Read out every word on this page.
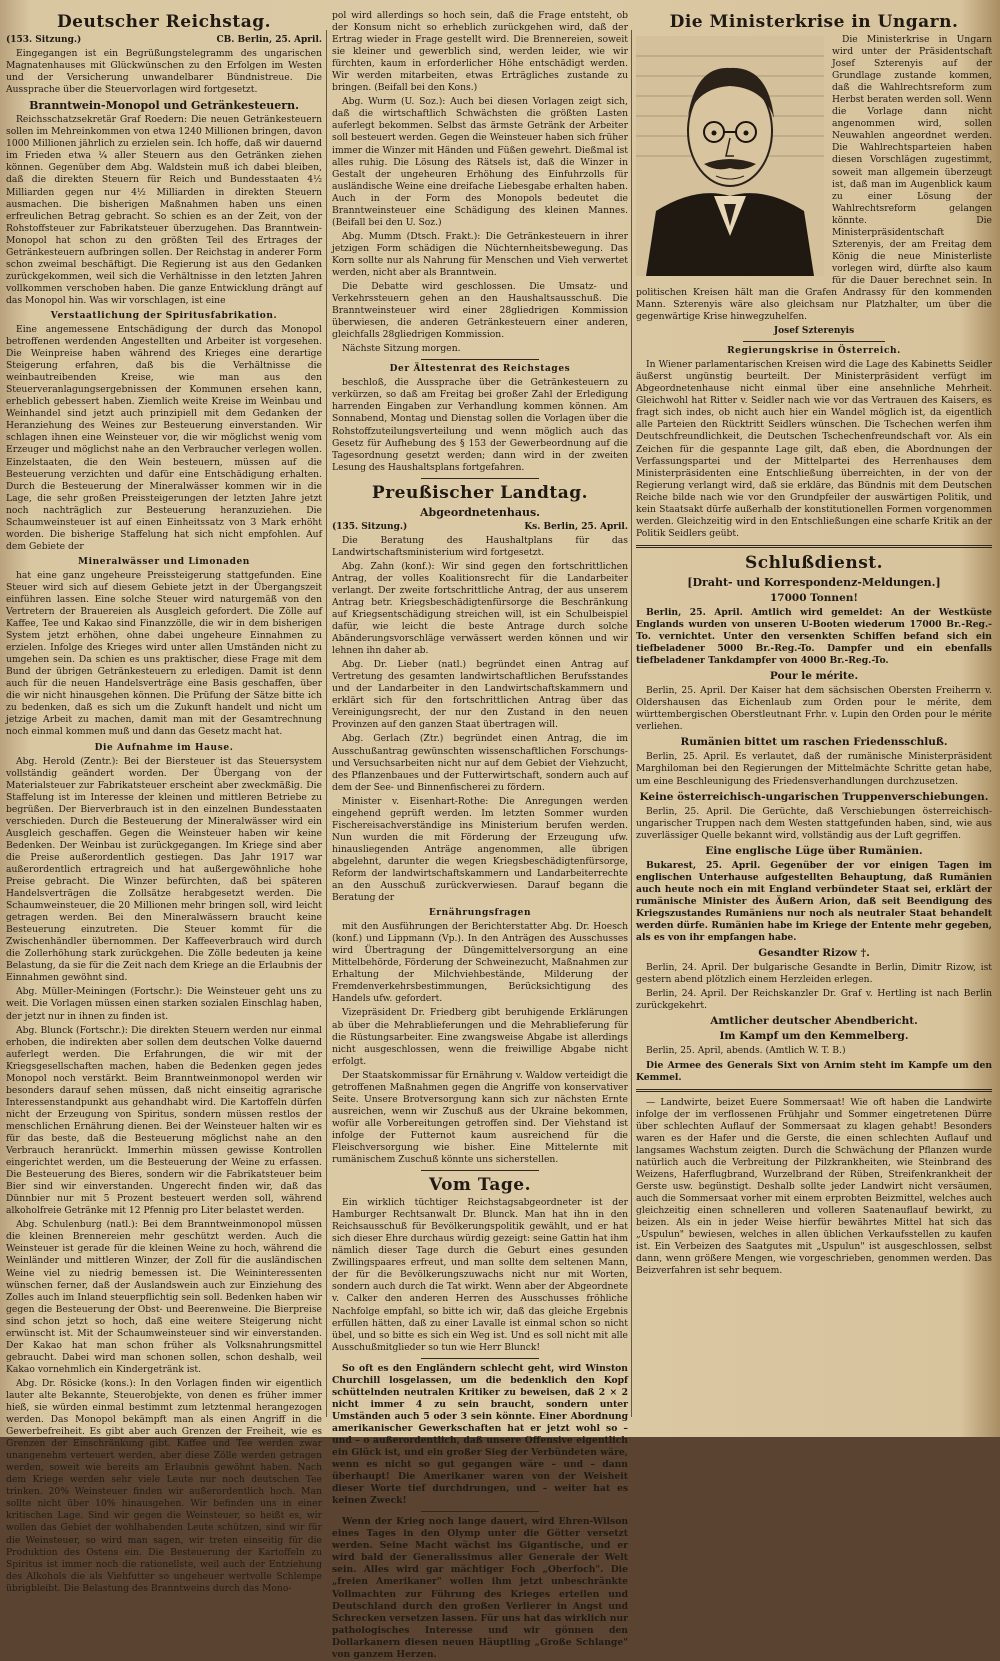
Deutscher Reichstag.
(153. Sitzung.)	CB. Berlin, 25. April.

Eingegangen ist ein Begrüßungstelegramm des ungarischen Magnatenhauses mit Glückwünschen zu den Erfolgen im Westen und der Versicherung unwandelbarer Bündnistreue. Die Aussprache über die Steuervorlagen wird fortgesetzt.

Branntwein-Monopol und Getränkesteuern.

Reichsschatzsekretär Graf Roedern: Die neuen Getränkesteuern sollen im Mehreinkommen von etwa 1240 Millionen bringen, davon 1000 Millionen jährlich zu erzielen sein. Ich hoffe, daß wir dauernd im Frieden etwa ¼ aller Steuern aus den Getränken ziehen können. Gegenüber dem Abg. Waldstein muß ich dabei bleiben, daß die direkten Steuern für Reich und Bundesstaaten 4½ Milliarden gegen nur 4½ Milliarden in direkten Steuern ausmachen. Die bisherigen Maßnahmen haben uns einen erfreulichen Betrag gebracht. So schien es an der Zeit, von der Rohstoffsteuer zur Fabrikatsteuer überzugehen. Das Branntwein-Monopol hat schon zu den größten Teil des Ertrages der Getränkesteuern aufbringen sollen. Der Reichstag in anderer Form schon zweimal beschäftigt. Die Regierung ist aus den Gedanken zurückgekommen, weil sich die Verhältnisse in den letzten Jahren vollkommen verschoben haben. Die ganze Entwicklung drängt auf das Monopol hin. Was wir vorschlagen, ist eine

Verstaatlichung der Spiritusfabrikation.

Eine angemessene Entschädigung der durch das Monopol betroffenen werdenden Angestellten und Arbeiter ist vorgesehen. Die Weinpreise haben während des Krieges eine derartige Steigerung erfahren, daß bis die Verhältnisse die weinbautreibenden Kreise, wie man aus den Steuerveranlagungsergebnissen der Kommunen ersehen kann, erheblich gebessert haben. Ziemlich weite Kreise im Weinbau und Weinhandel sind jetzt auch prinzipiell mit dem Gedanken der Heranziehung des Weines zur Besteuerung einverstanden. Wir schlagen ihnen eine Weinsteuer vor, die wir möglichst wenig vom Erzeuger und möglichst nahe an den Verbraucher verlegen wollen. Einzelstaaten, die den Wein besteuern, müssen auf die Besteuerung verzichten und dafür eine Entschädigung erhalten. Durch die Besteuerung der Mineralwässer kommen wir in die Lage, die sehr großen Preissteigerungen der letzten Jahre jetzt noch nachträglich zur Besteuerung heranzuziehen. Die Schaumweinsteuer ist auf einen Einheitssatz von 3 Mark erhöht worden. Die bisherige Staffelung hat sich nicht empfohlen. Auf dem Gebiete der

Mineralwässer und Limonaden

hat eine ganz ungeheure Preissteigerung stattgefunden. Eine Steuer wird sich auf diesem Gebiete jetzt in der Übergangszeit einführen lassen. Eine solche Steuer wird naturgemäß von den Vertretern der Brauereien als Ausgleich gefordert. Die Zölle auf Kaffee, Tee und Kakao sind Finanzzölle, die wir in dem bisherigen System jetzt erhöhen, ohne dabei ungeheure Einnahmen zu erzielen. Infolge des Krieges wird unter allen Umständen nicht zu umgehen sein. Da schien es uns praktischer, diese Frage mit dem Bund der übrigen Getränkesteuern zu erledigen. Damit ist denn auch für die neuen Handelsverträge eine Basis geschaffen, über die wir nicht hinausgehen können. Die Prüfung der Sätze bitte ich zu bedenken, daß es sich um die Zukunft handelt und nicht um jetzige Arbeit zu machen, damit man mit der Gesamtrechnung noch einmal kommen muß und dann das Gesetz macht hat.

Die Aufnahme im Hause.

Abg. Herold (Zentr.): Bei der Biersteuer ist das Steuersystem vollständig geändert worden. Der Übergang von der Materialsteuer zur Fabrikatsteuer erscheint aber zweckmäßig. Die Staffelung ist im Interesse der kleinen und mittleren Betriebe zu begrüßen. Der Bierverbrauch ist in den einzelnen Bundesstaaten verschieden. Durch die Besteuerung der Mineralwässer wird ein Ausgleich geschaffen. Gegen die Weinsteuer haben wir keine Bedenken. Der Weinbau ist zurückgegangen. Im Kriege sind aber die Preise außerordentlich gestiegen. Das Jahr 1917 war außerordentlich ertragreich und hat außergewöhnliche hohe Preise gebracht. Die Winzer befürchten, daß bei späteren Handelsverträgen die Zollsätze herabgesetzt werden. Die Schaumweinsteuer, die 20 Millionen mehr bringen soll, wird leicht getragen werden. Bei den Mineralwässern braucht keine Besteuerung einzutreten. Die Steuer kommt für die Zwischenhändler übernommen. Der Kaffeeverbrauch wird durch die Zollerhöhung stark zurückgehen. Die Zölle bedeuten ja keine Belastung, da sie für die Zeit nach dem Kriege an die Erlaubnis der Einnahmen gewöhnt sind.

Abg. Müller-Meiningen (Fortschr.): Die Weinsteuer geht uns zu weit. Die Vorlagen müssen einen starken sozialen Einschlag haben, der jetzt nur in ihnen zu finden ist.

Abg. Blunck (Fortschr.): Die direkten Steuern werden nur einmal erhoben, die indirekten aber sollen dem deutschen Volke dauernd auferlegt werden. Die Erfahrungen, die wir mit der Kriegsgesellschaften machen, haben die Bedenken gegen jedes Monopol noch verstärkt. Beim Branntweinmonopol werden wir besonders darauf sehen müssen, daß nicht einseitig agrarische Interessenstandpunkt aus gehandhabt wird. Die Kartoffeln dürfen nicht der Erzeugung von Spiritus, sondern müssen restlos der menschlichen Ernährung dienen. Bei der Weinsteuer halten wir es für das beste, daß die Besteuerung möglichst nahe an den Verbrauch heranrückt. Immerhin müssen gewisse Kontrollen eingerichtet werden, um die Besteuerung der Weine zu erfassen. Die Besteuerung des Bieres, sondern wir die Fabrikatsteuer beim Bier sind wir einverstanden. Ungerecht finden wir, daß das Dünnbier nur mit 5 Prozent besteuert werden soll, während alkoholfreie Getränke mit 12 Pfennig pro Liter belastet werden.

Abg. Schulenburg (natl.): Bei dem Branntweinmonopol müssen die kleinen Brennereien mehr geschützt werden. Auch die Weinsteuer ist gerade für die kleinen Weine zu hoch, während die Weinländer und mittleren Winzer, der Zoll für die ausländischen Weine viel zu niedrig bemessen ist. Die Weininteressenten wünschen ferner, daß der Auslandswein auch zur Einziehung des Zolles auch im Inland steuerpflichtig sein soll. Bedenken haben wir gegen die Besteuerung der Obst- und Beerenweine. Die Bierpreise sind schon jetzt so hoch, daß eine weitere Steigerung nicht erwünscht ist. Mit der Schaumweinsteuer sind wir einverstanden. Der Kakao hat man schon früher als Volksnahrungsmittel gebraucht. Dabei wird man schonen sollen, schon deshalb, weil Kakao vornehmlich ein Kindergetränk ist.

Abg. Dr. Rösicke (kons.): In den Vorlagen finden wir eigentlich lauter alte Bekannte, Steuerobjekte, von denen es früher immer hieß, sie würden einmal bestimmt zum letztenmal herangezogen werden. Das Monopol bekämpft man als einen Angriff in die Gewerbefreiheit. Es gibt aber auch Grenzen der Freiheit, wie es Grenzen der Einschränkung gibt. Kaffee und Tee werden zwar unangenehm verteuert werden, aber diese Zölle werden getragen werden, soweit wie bereits am Erlaubnis gewöhnt haben. Nach dem Kriege werden sehr viele Leute nur noch deutschen Tee trinken. 20% Weinsteuer finden wir außerordentlich hoch. Man sollte nicht über 10% hinausgehen. Wir befinden uns in einer kritischen Lage. Sind wir gegen die Weinsteuer, so heißt es, wir wollen das Gebiet der wohlhabenden Leute schützen, sind wir für die Weinsteuer, so wird man sagen, wir treten einseitig für die Produktion des Ostens ein. Die Besteuerung der Kartoffeln zu Spiritus ist immer noch die rationellste, weil auch der Entziehung des Alkohols die als Viehfutter so ungeheuer wertvolle Schlempe übrigbleibt. Die Belastung des Branntweins durch das Mono-

pol wird allerdings so hoch sein, daß die Frage entsteht, ob der Konsum nicht so erheblich zurückgehen wird, daß der Ertrag wieder in Frage gestellt wird. Die Brennereien, soweit sie kleiner und gewerblich sind, werden leider, wie wir fürchten, kaum in erforderlicher Höhe entschädigt werden. Wir werden mitarbeiten, etwas Erträgliches zustande zu bringen. (Beifall bei den Kons.)

Abg. Wurm (U. Soz.): Auch bei diesen Vorlagen zeigt sich, daß die wirtschaftlich Schwächsten die größten Lasten auferlegt bekommen. Selbst das ärmste Getränk der Arbeiter soll besteuert werden. Gegen die Weinsteuer haben sich früher immer die Winzer mit Händen und Füßen gewehrt. Dießmal ist alles ruhig. Die Lösung des Rätsels ist, daß die Winzer in Gestalt der ungeheuren Erhöhung des Einfuhrzolls für ausländische Weine eine dreifache Liebesgabe erhalten haben. Auch in der Form des Monopols bedeutet die Branntweinsteuer eine Schädigung des kleinen Mannes. (Beifall bei den U. Soz.)

Abg. Mumm (Dtsch. Frakt.): Die Getränkesteuern in ihrer jetzigen Form schädigen die Nüchternheitsbewegung. Das Korn sollte nur als Nahrung für Menschen und Vieh verwertet werden, nicht aber als Branntwein.

Die Debatte wird geschlossen. Die Umsatz- und Verkehrssteuern gehen an den Haushaltsausschuß. Die Branntweinsteuer wird einer 28gliedrigen Kommission überwiesen, die anderen Getränkesteuern einer anderen, gleichfalls 28gliedrigen Kommission.

Nächste Sitzung morgen.

Der Ältestenrat des Reichstages

beschloß, die Aussprache über die Getränkesteuern zu verkürzen, so daß am Freitag bei großer Zahl der Erledigung harrenden Eingaben zur Verhandlung kommen können. Am Sonnabend, Montag und Dienstag sollen die Vorlagen über die Rohstoffzuteilungsverteilung und wenn möglich auch das Gesetz für Aufhebung des § 153 der Gewerbeordnung auf die Tagesordnung gesetzt werden; dann wird in der zweiten Lesung des Haushaltsplans fortgefahren.

Preußischer Landtag.
Abgeordnetenhaus.
(135. Sitzung.)	Ks. Berlin, 25. April.

Die Beratung des Haushaltplans für das Landwirtschaftsministerium wird fortgesetzt.

Abg. Zahn (konf.): Wir sind gegen den fortschrittlichen Antrag, der volles Koalitionsrecht für die Landarbeiter verlangt. Der zweite fortschrittliche Antrag, der aus unserem Antrag betr. Kriegsbeschädigtenfürsorge die Beschränkung auf Kriegsentschädigung streichen will, ist ein Schulbeispiel dafür, wie leicht die beste Antrage durch solche Abänderungsvorschläge verwässert werden können und wir lehnen ihn daher ab.

Abg. Dr. Lieber (natl.) begründet einen Antrag auf Vertretung des gesamten landwirtschaftlichen Berufsstandes und der Landarbeiter in den Landwirtschaftskammern und erklärt sich für den fortschrittlichen Antrag über das Vereinigungsrecht, der nur den Zustand in den neuen Provinzen auf den ganzen Staat übertragen will.

Abg. Gerlach (Ztr.) begründet einen Antrag, die im Ausschußantrag gewünschten wissenschaftlichen Forschungs- und Versuchsarbeiten nicht nur auf dem Gebiet der Viehzucht, des Pflanzenbaues und der Futterwirtschaft, sondern auch auf dem der See- und Binnenfischerei zu fördern.

Minister v. Eisenhart-Rothe: Die Anregungen werden eingehend geprüft werden. Im letzten Sommer wurden Fischereisachverständige ins Ministerium berufen werden. Nun wurden die mit Förderung der Erzeugung ufw. hinausliegenden Anträge angenommen, alle übrigen abgelehnt, darunter die wegen Kriegsbeschädigtenfürsorge, Reform der landwirtschaftskammern und Landarbeiterrechte an den Ausschuß zurückverwiesen. Darauf begann die Beratung der

Ernährungsfragen

mit den Ausführungen der Berichterstatter Abg. Dr. Hoesch (konf.) und Lippmann (Vp.). In den Anträgen des Ausschusses wird Übertragung der Düngemittelversorgung an eine Mittelbehörde, Förderung der Schweinezucht, Maßnahmen zur Erhaltung der Milchviehbestände, Milderung der Fremdenverkehrsbestimmungen, Berücksichtigung des Handels ufw. gefordert.

Vizepräsident Dr. Friedberg gibt beruhigende Erklärungen ab über die Mehrablieferungen und die Mehrablieferung für die Rüstungsarbeiter. Eine zwangsweise Abgabe ist allerdings nicht ausgeschlossen, wenn die freiwillige Abgabe nicht erfolgt.

Der Staatskommissar für Ernährung v. Waldow verteidigt die getroffenen Maßnahmen gegen die Angriffe von konservativer Seite. Unsere Brotversorgung kann sich zur nächsten Ernte ausreichen, wenn wir Zuschuß aus der Ukraine bekommen, wofür alle Vorbereitungen getroffen sind. Der Viehstand ist infolge der Futternot kaum ausreichend für die Fleischversorgung wie bisher. Eine Mittelernte mit rumänischem Zuschuß könnte uns sicherstellen.

Vom Tage.

Ein wirklich tüchtiger Reichstagsabgeordneter ist der Hamburger Rechtsanwalt Dr. Blunck. Man hat ihn in den Reichsausschuß für Bevölkerungspolitik gewählt, und er hat sich dieser Ehre durchaus würdig gezeigt: seine Gattin hat ihm nämlich dieser Tage durch die Geburt eines gesunden Zwillingspaares erfreut, und man sollte dem seltenen Mann, der für die Bevölkerungszuwachs nicht nur mit Worten, sondern auch durch die Tat wirkt. Wenn aber der Abgeordnete v. Calker den anderen Herren des Ausschusses fröhliche Nachfolge empfahl, so bitte ich wir, daß das gleiche Ergebnis erfüllen hätten, daß zu einer Lavalle ist einmal schon so nicht übel, und so bitte es sich ein Weg ist. Und es soll nicht mit alle Ausschußmitglieder so tun wie Herr Blunck!

So oft es den Engländern schlecht geht, wird Winston Churchill losgelassen, um die bedenklich den Kopf schüttelnden neutralen Kritiker zu beweisen, daß 2 × 2 nicht immer 4 zu sein braucht, sondern unter Umständen auch 5 oder 3 sein könnte. Einer Abordnung amerikanischer Gewerkschaften hat er jetzt wohl so – und – o außerordentlich, daß unsere Offensive eigentlich ein Glück ist, und ein großer Sieg der Verbündeten wäre, wenn es nicht so gut gegangen wäre – und – dann überhaupt! Die Amerikaner waren von der Weisheit dieser Worte tief durchdrungen, und – weiter hat es keinen Zweck!

Wenn der Krieg noch lange dauert, wird Ehren-Wilson eines Tages in den Olymp unter die Götter versetzt werden. Seine Macht wächst ins Gigantische, und er wird bald der Generalissimus aller Generale der Welt sein. Alles wird gar mächtiger Foch „Oberfoch". Die „freien Amerikaner" wollen ihm jetzt unbeschränkte Vollmachten zur Führung des Krieges erteilen und Deutschland durch den großen Verlierer in Angst und Schrecken versetzen lassen. Für uns hat das wirklich nur pathologisches Interesse und wir gönnen den Dollarkanern diesen neuen Häuptling „Große Schlange" von ganzem Herzen.

Die Ministerkrise in Ungarn.

Die Ministerkrise in Ungarn wird unter der Präsidentschaft Josef Szterenyis auf der Grundlage zustande kommen, daß die Wahlrechtsreform zum Herbst beraten werden soll. Wenn die Vorlage dann nicht angenommen wird, sollen Neuwahlen angeordnet werden. Die Wahlrechtsparteien haben diesen Vorschlägen zugestimmt, soweit man allgemein überzeugt ist, daß man im Augenblick kaum zu einer Lösung der Wahlrechtsreform gelangen könnte. Die Ministerpräsidentschaft Szterenyis, der am Freitag dem König die neue Ministerliste vorlegen wird, dürfte also kaum für die Dauer berechnet sein. In politischen Kreisen hält man die Grafen Andrassy für den kommenden Mann. Szterenyis wäre also gleichsam nur Platzhalter, um über die gegenwärtige Krise hinwegzuhelfen.

Josef Szterenyis
Regierungskrise in Österreich.

In Wiener parlamentarischen Kreisen wird die Lage des Kabinetts Seidler äußerst ungünstig beurteilt. Der Ministerpräsident verfügt im Abgeordnetenhause nicht einmal über eine ansehnliche Mehrheit. Gleichwohl hat Ritter v. Seidler nach wie vor das Vertrauen des Kaisers, es fragt sich indes, ob nicht auch hier ein Wandel möglich ist, da eigentlich alle Parteien den Rücktritt Seidlers wünschen. Die Tschechen werfen ihm Deutschfreundlichkeit, die Deutschen Tschechenfreundschaft vor. Als ein Zeichen für die gespannte Lage gilt, daß eben, die Abordnungen der Verfassungspartei und der Mittelpartei des Herrenhauses dem Ministerpräsidenten eine Entschließung überreichten, in der von der Regierung verlangt wird, daß sie erkläre, das Bündnis mit dem Deutschen Reiche bilde nach wie vor den Grundpfeiler der auswärtigen Politik, und kein Staatsakt dürfe außerhalb der konstitutionellen Formen vorgenommen werden. Gleichzeitig wird in den Entschließungen eine scharfe Kritik an der Politik Seidlers geübt.

Schlußdienst.
[Draht- und Korrespondenz-Meldungen.]
17000 Tonnen!

Berlin, 25. April. Amtlich wird gemeldet: An der Westküste Englands wurden von unseren U-Booten wiederum 17000 Br.-Reg.-To. vernichtet. Unter den versenkten Schiffen befand sich ein tiefbeladener 5000 Br.-Reg.-To. Dampfer und ein ebenfalls tiefbeladener Tankdampfer von 4000 Br.-Reg.-To.

Pour le mérite.

Berlin, 25. April. Der Kaiser hat dem sächsischen Obersten Freiherrn v. Oldershausen das Eichenlaub zum Orden pour le mérite, dem württembergischen Oberstleutnant Frhr. v. Lupin den Orden pour le mérite verliehen.

Rumänien bittet um raschen Friedensschluß.

Berlin, 25. April. Es verlautet, daß der rumänische Ministerpräsident Marghiloman bei den Regierungen der Mittelmächte Schritte getan habe, um eine Beschleunigung des Friedensverhandlungen durchzusetzen.

Keine österreichisch-ungarischen Truppenverschiebungen.

Berlin, 25. April. Die Gerüchte, daß Verschiebungen österreichisch-ungarischer Truppen nach dem Westen stattgefunden haben, sind, wie aus zuverlässiger Quelle bekannt wird, vollständig aus der Luft gegriffen.

Eine englische Lüge über Rumänien.

Bukarest, 25. April. Gegenüber der vor einigen Tagen im englischen Unterhause aufgestellten Behauptung, daß Rumänien auch heute noch ein mit England verbündeter Staat sei, erklärt der rumänische Minister des Äußern Arion, daß seit Beendigung des Kriegszustandes Rumäniens nur noch als neutraler Staat behandelt werden dürfe. Rumänien habe im Kriege der Entente mehr gegeben, als es von ihr empfangen habe.

Gesandter Rizow †.

Berlin, 24. April. Der bulgarische Gesandte in Berlin, Dimitr Rizow, ist gestern abend plötzlich einem Herzleiden erlegen.

Berlin, 24. April. Der Reichskanzler Dr. Graf v. Hertling ist nach Berlin zurückgekehrt.

Amtlicher deutscher Abendbericht.
Im Kampf um den Kemmelberg.

Berlin, 25. April, abends. (Amtlich W. T. B.)

Die Armee des Generals Sixt von Arnim steht im Kampfe um den Kemmel.

— Landwirte, beizet Euere Sommersaat! Wie oft haben die Landwirte infolge der im verflossenen Frühjahr und Sommer eingetretenen Dürre über schlechten Auflauf der Sommersaat zu klagen gehabt! Besonders waren es der Hafer und die Gerste, die einen schlechten Auflauf und langsames Wachstum zeigten. Durch die Schwächung der Pflanzen wurde natürlich auch die Verbreitung der Pilzkrankheiten, wie Steinbrand des Weizens, Haferflugbrand, Wurzelbrand der Rüben, Streifenkrankheit der Gerste usw. begünstigt. Deshalb sollte jeder Landwirt nicht versäumen, auch die Sommersaat vorher mit einem erprobten Beizmittel, welches auch gleichzeitig einen schnelleren und volleren Saatenauflauf bewirkt, zu beizen. Als ein in jeder Weise hierfür bewährtes Mittel hat sich das „Uspulun" bewiesen, welches in allen üblichen Verkaufsstellen zu kaufen ist. Ein Verbeizen des Saatgutes mit „Uspulun" ist ausgeschlossen, selbst dann, wenn größere Mengen, wie vorgeschrieben, genommen werden. Das Beizverfahren ist sehr bequem.
